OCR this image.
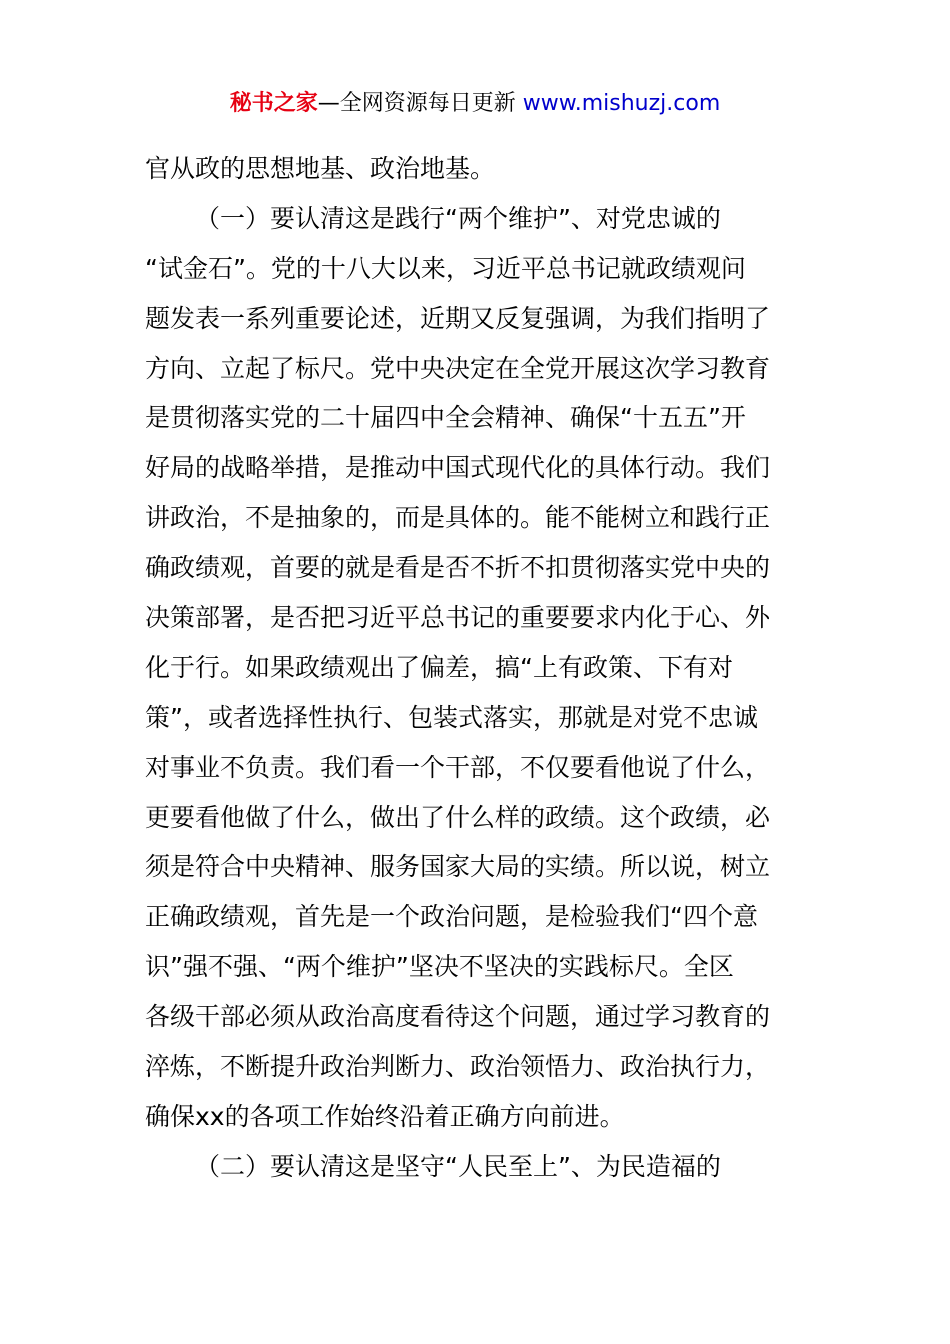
秘书之家—全网资源每日更新 www.mishuzj.com
官从政的思想地基、政治地基。
（一）要认清这是践行“两个维护”、对党忠诚的
“试金石”。党的十八大以来，习近平总书记就政绩观问
题发表一系列重要论述，近期又反复强调，为我们指明了
方向、立起了标尺。党中央决定在全党开展这次学习教育
是贯彻落实党的二十届四中全会精神、确保“十五五”开
好局的战略举措，是推动中国式现代化的具体行动。我们
讲政治，不是抽象的，而是具体的。能不能树立和践行正
确政绩观，首要的就是看是否不折不扣贯彻落实党中央的
决策部署，是否把习近平总书记的重要要求内化于心、外
化于行。如果政绩观出了偏差，搞“上有政策、下有对
策”，或者选择性执行、包装式落实，那就是对党不忠诚
对事业不负责。我们看一个干部，不仅要看他说了什么，
更要看他做了什么，做出了什么样的政绩。这个政绩，必
须是符合中央精神、服务国家大局的实绩。所以说，树立
正确政绩观，首先是一个政治问题，是检验我们“四个意
识”强不强、“两个维护”坚决不坚决的实践标尺。全区
各级干部必须从政治高度看待这个问题，通过学习教育的
淬炼，不断提升政治判断力、政治领悟力、政治执行力，
确保xx的各项工作始终沿着正确方向前进。
（二）要认清这是坚守“人民至上”、为民造福的
